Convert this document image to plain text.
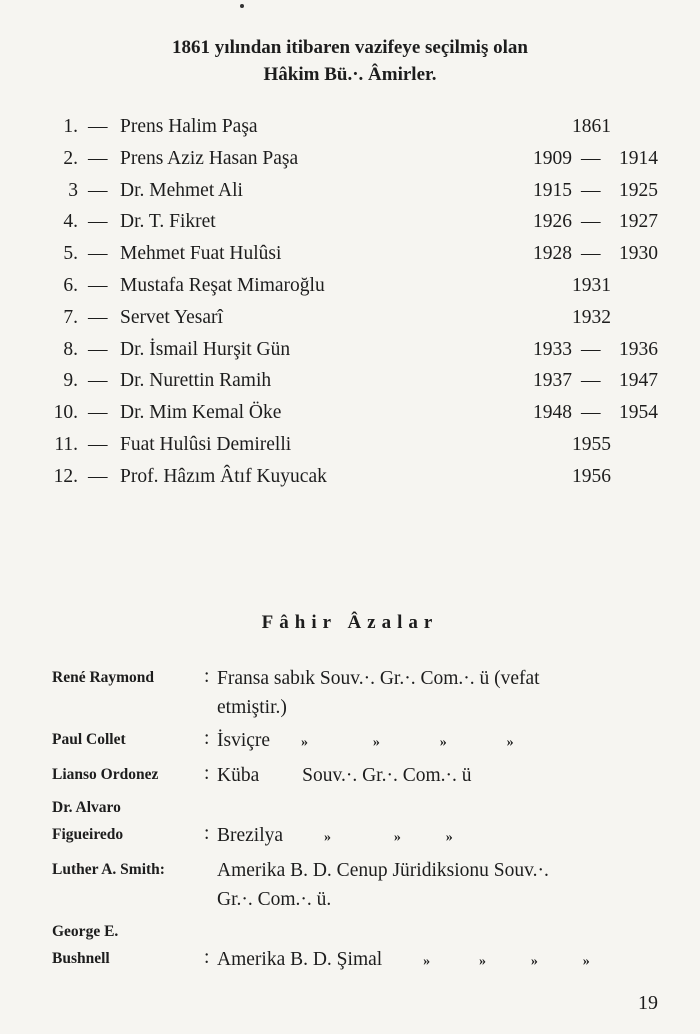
1861 yılından itibaren vazifeye seçilmiş olan
Hâkim Bü.·. Âmirler.
1. — Prens Halim Paşa	1861
2. — Prens Aziz Hasan Paşa	1909 — 1914
3 — Dr. Mehmet Ali	1915 — 1925
4. — Dr. T. Fikret	1926 — 1927
5. — Mehmet Fuat Hulûsi	1928 — 1930
6. — Mustafa Reşat Mimaroğlu	1931
7. — Servet Yesarî	1932
8. — Dr. İsmail Hurşit Gün	1933 — 1936
9. — Dr. Nurettin Ramih	1937 — 1947
10. — Dr. Mim Kemal Öke	1948 — 1954
11. — Fuat Hulûsi Demirelli	1955
12. — Prof. Hâzım Âtıf Kuyucak	1956
Fâhir Âzalar
René Raymond	: Fransa sabık Souv.·. Gr.·. Com.·. ü (vefat
etmiştir.)
Paul Collet	: İsviçre »	»	»	»
Lianso Ordonez : Küba Souv.·. Gr.·. Com.·. ü
Dr. Alvaro
Figueiredo	: Brezilya	»	»	»
Luther A. Smith:	Amerika B. D. Cenup Jüridiksionu Souv.·.
Gr.·. Com.·. ü.
George E.
Bushnell	: Amerika B. D. Şimal	»	»	»	»
19
